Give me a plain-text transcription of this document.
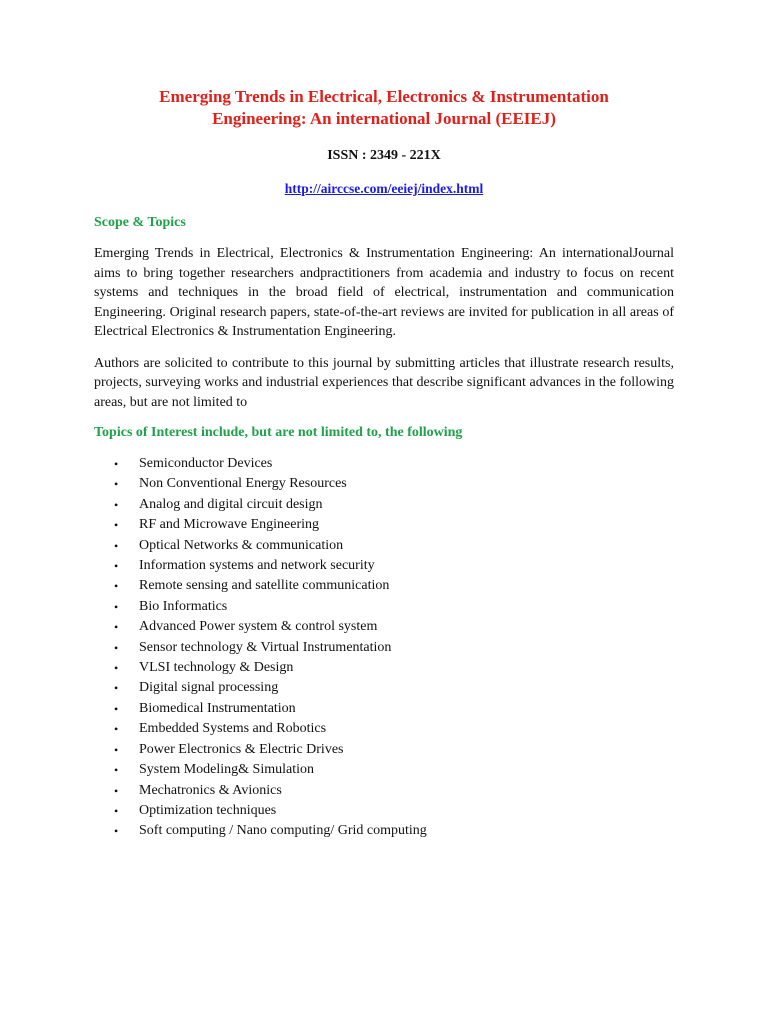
Emerging Trends in Electrical, Electronics & Instrumentation
Engineering: An international Journal (EEIEJ)

ISSN : 2349 - 221X

http://airccse.com/eeiej/index.html
Scope & Topics

Emerging Trends in Electrical, Electronics & Instrumentation Engineering: An internationalJournal aims to bring together researchers andpractitioners from academia and industry to focus on recent systems and techniques in the broad field of electrical, instrumentation and communication Engineering. Original research papers, state-of-the-art reviews are invited for publication in all areas of Electrical Electronics & Instrumentation Engineering.

Authors are solicited to contribute to this journal by submitting articles that illustrate research results, projects, surveying works and industrial experiences that describe significant advances in the following areas, but are not limited to

Topics of Interest include, but are not limited to, the following
• Semiconductor Devices
• Non Conventional Energy Resources
• Analog and digital circuit design
• RF and Microwave Engineering
• Optical Networks & communication
• Information systems and network security
• Remote sensing and satellite communication
• Bio Informatics
• Advanced Power system & control system
• Sensor technology & Virtual Instrumentation
• VLSI technology & Design
• Digital signal processing
• Biomedical Instrumentation
• Embedded Systems and Robotics
• Power Electronics & Electric Drives
• System Modeling& Simulation
• Mechatronics & Avionics
• Optimization techniques
• Soft computing / Nano computing/ Grid computing
